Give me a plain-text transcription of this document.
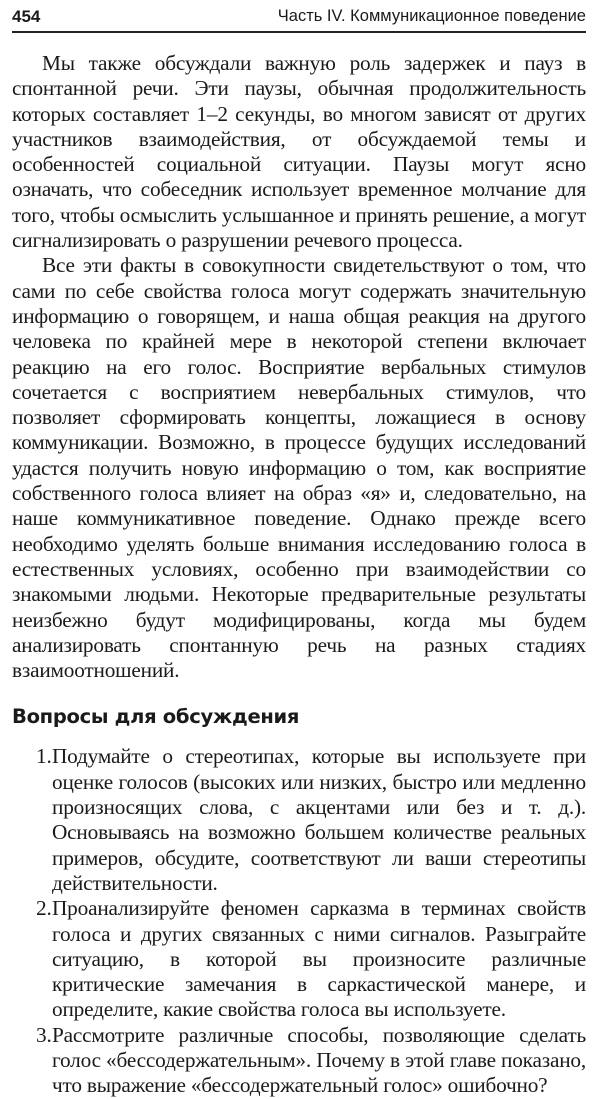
454	Часть IV. Коммуникационное поведение

Мы также обсуждали важную роль задержек и пауз в спонтанной речи. Эти паузы, обычная продолжительность которых составляет 1–2 секунды, во многом зависят от других участников взаимодействия, от обсуждаемой темы и особенностей социальной ситуации. Паузы могут ясно означать, что собеседник использует временное молчание для того, чтобы осмыслить услышанное и принять решение, а могут сигнализировать о разрушении речевого процесса.

Все эти факты в совокупности свидетельствуют о том, что сами по себе свойства голоса могут содержать значительную информацию о говорящем, и наша общая реакция на другого человека по крайней мере в некоторой степени включает реакцию на его голос. Восприятие вербальных стимулов сочетается с восприятием невербальных стимулов, что позволяет сформировать концепты, ложащиеся в основу коммуникации. Возможно, в процессе будущих исследований удастся получить новую информацию о том, как восприятие собственного голоса влияет на образ «я» и, следовательно, на наше коммуникативное поведение. Однако прежде всего необходимо уделять больше внимания исследованию голоса в естественных условиях, особенно при взаимодействии со знакомыми людьми. Некоторые предварительные результаты неизбежно будут модифицированы, когда мы будем анализировать спонтанную речь на разных стадиях взаимоотношений.

Вопросы для обсуждения
1. Подумайте о стереотипах, которые вы используете при оценке голосов (высоких или низких, быстро или медленно произносящих слова, с акцентами или без и т. д.). Основываясь на возможно большем количестве реальных примеров, обсудите, соответствуют ли ваши стереотипы действительности.
2. Проанализируйте феномен сарказма в терминах свойств голоса и других связанных с ними сигналов. Разыграйте ситуацию, в которой вы произносите различные критические замечания в саркастической манере, и определите, какие свойства голоса вы используете.
3. Рассмотрите различные способы, позволяющие сделать голос «бессодержательным». Почему в этой главе показано, что выражение «бессодержательный голос» ошибочно?
